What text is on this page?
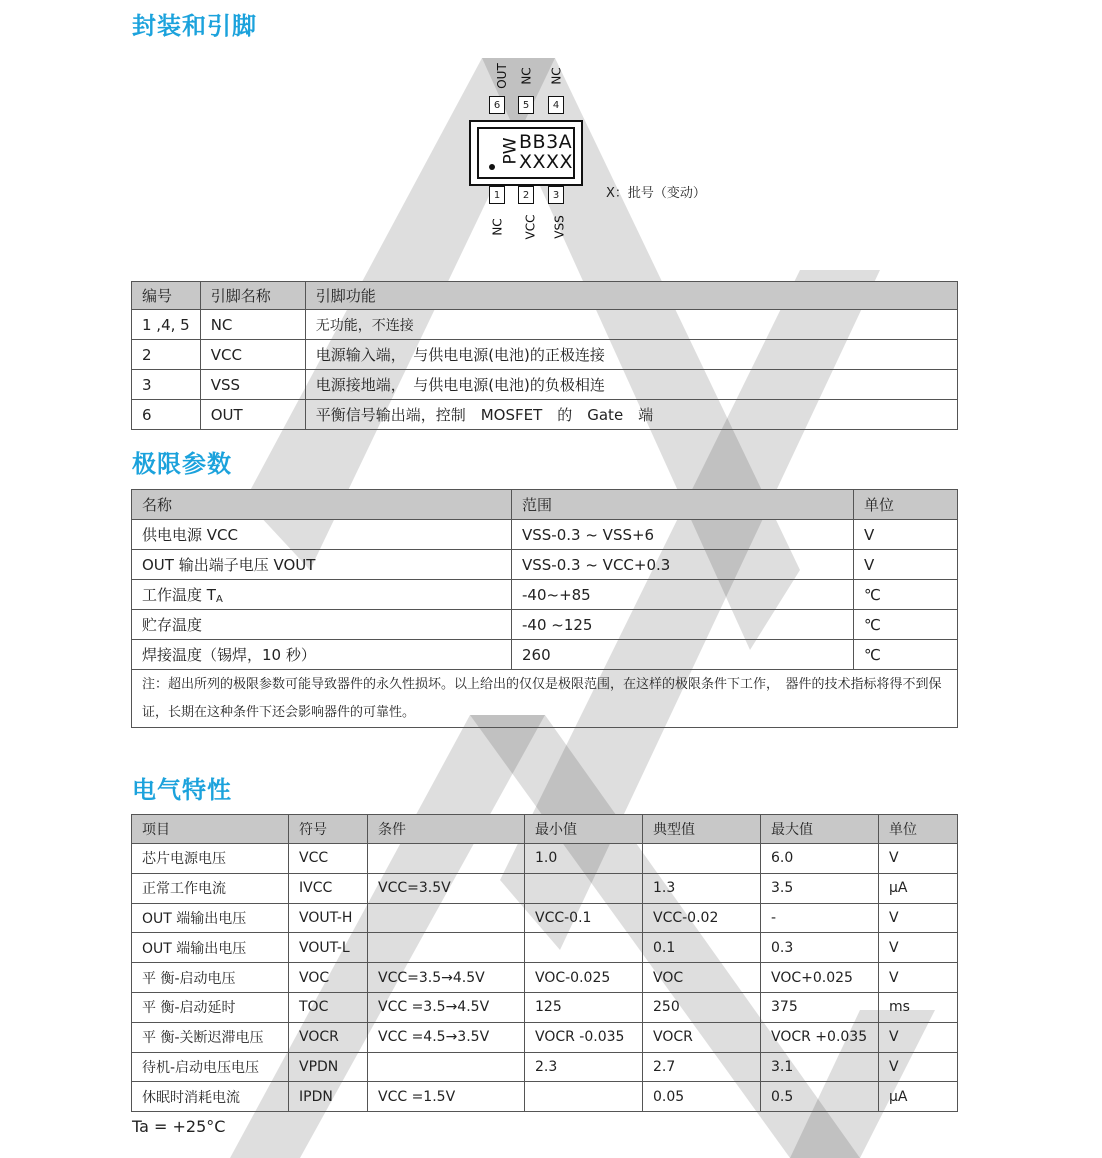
封装和引脚
OUT NC NC
6	5	4
PW
BB3A
XXXX
1	2	3
NC	VCC	VSS
X：批号（变动）
编号	引脚名称	引脚功能
1 ,4, 5	NC	无功能，不连接
2	VCC	电源输入端，　与供电电源(电池)的正极连接
3	VSS	电源接地端，　与供电电源(电池)的负极相连
6	OUT	平衡信号输出端，控制　MOSFET　的　Gate　端
极限参数
名称	范围	单位
供电电源 VCC	VSS-0.3 ~ VSS+6	V
OUT 输出端子电压 VOUT	VSS-0.3 ~ VCC+0.3	V
工作温度 $T_A$	-40~+85	℃
贮存温度	-40 ~125	℃
焊接温度（锡焊，10 秒）	260	℃
注：超出所列的极限参数可能导致器件的永久性损坏。以上给出的仅仅是极限范围，在这样的极限条件下工作，　器件的技术指标将得不到保证，长期在这种条件下还会影响器件的可靠性。		
电气特性
项目	符号	条件	最小值	典型值	最大值	单位
芯片电源电压	VCC		1.0		6.0	V
正常工作电流	IVCC	VCC=3.5V		1.3	3.5	μA
OUT 端输出电压	VOUT-H		VCC-0.1	VCC-0.02	-	V
OUT 端输出电压	VOUT-L			0.1	0.3	V
平 衡-启动电压	VOC	VCC=3.5→4.5V	VOC-0.025	VOC	VOC+0.025	V
平 衡-启动延时	TOC	VCC =3.5→4.5V	125	250	375	ms
平 衡-关断迟滞电压	VOCR	VCC =4.5→3.5V	VOCR -0.035	VOCR	VOCR +0.035	V
待机-启动电压电压	VPDN		2.3	2.7	3.1	V
休眠时消耗电流	IPDN	VCC =1.5V		0.05	0.5	μA
Ta = +25°C
